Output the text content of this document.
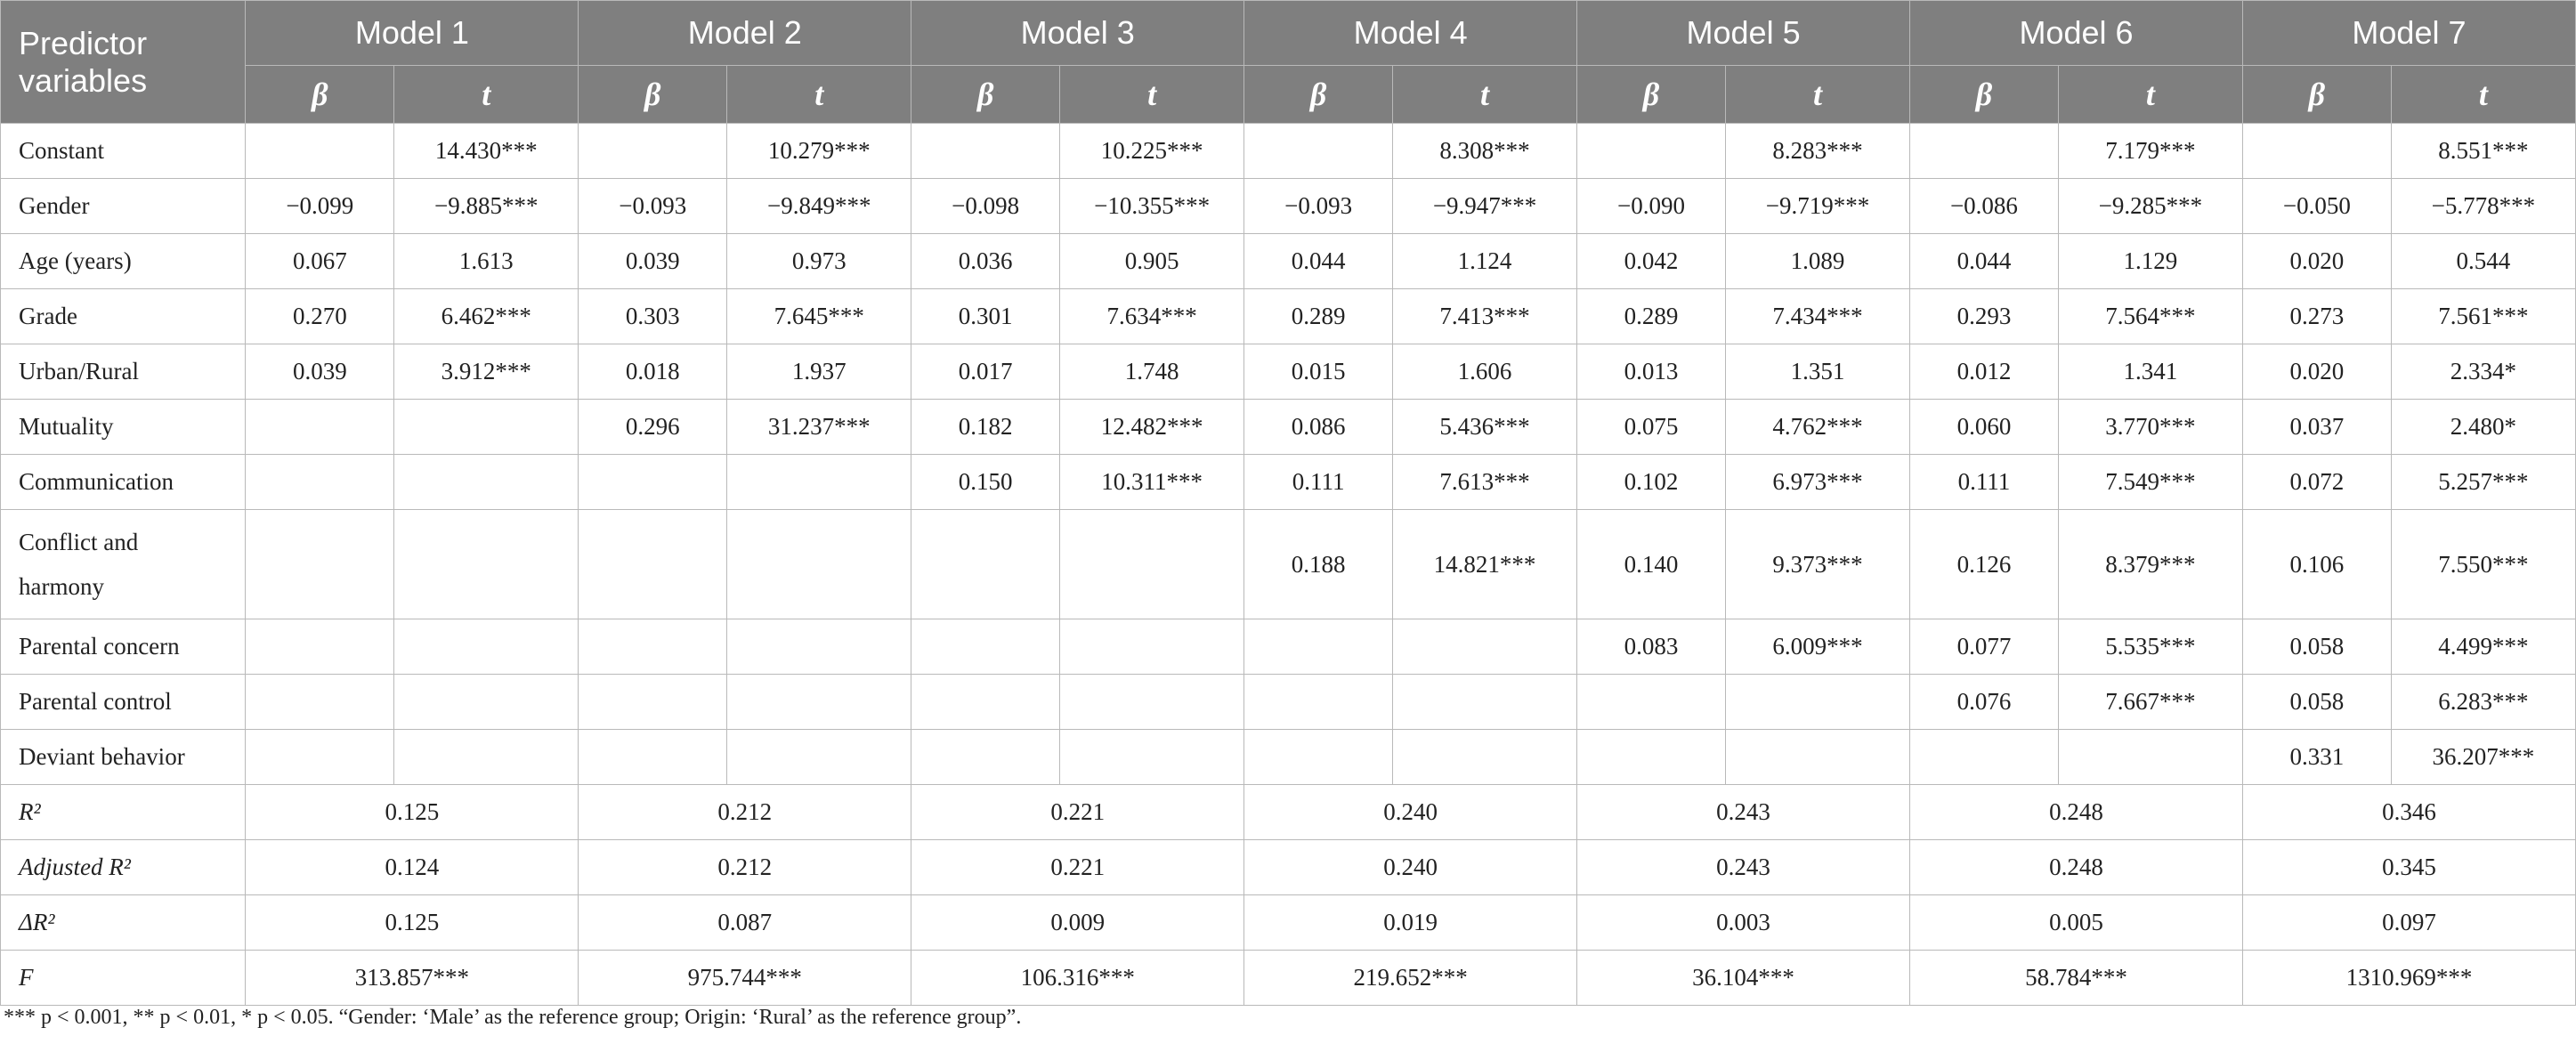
Predictor variables	Model 1		Model 2		Model 3		Model 4		Model 5		Model 6		Model 7	
	β	t	β	t	β	t	β	t	β	t	β	t	β	t
Constant		14.430***		10.279***		10.225***		8.308***		8.283***		7.179***		8.551***
Gender	−0.099	−9.885***	−0.093	−9.849***	−0.098	−10.355***	−0.093	−9.947***	−0.090	−9.719***	−0.086	−9.285***	−0.050	−5.778***
Age (years)	0.067	1.613	0.039	0.973	0.036	0.905	0.044	1.124	0.042	1.089	0.044	1.129	0.020	0.544
Grade	0.270	6.462***	0.303	7.645***	0.301	7.634***	0.289	7.413***	0.289	7.434***	0.293	7.564***	0.273	7.561***
Urban/Rural	0.039	3.912***	0.018	1.937	0.017	1.748	0.015	1.606	0.013	1.351	0.012	1.341	0.020	2.334*
Mutuality			0.296	31.237***	0.182	12.482***	0.086	5.436***	0.075	4.762***	0.060	3.770***	0.037	2.480*
Communication					0.150	10.311***	0.111	7.613***	0.102	6.973***	0.111	7.549***	0.072	5.257***
Conflict and harmony							0.188	14.821***	0.140	9.373***	0.126	8.379***	0.106	7.550***
Parental concern									0.083	6.009***	0.077	5.535***	0.058	4.499***
Parental control											0.076	7.667***	0.058	6.283***
Deviant behavior													0.331	36.207***
R²	0.125		0.212		0.221		0.240		0.243		0.248		0.346	
Adjusted R²	0.124		0.212		0.221		0.240		0.243		0.248		0.345	
ΔR²	0.125		0.087		0.009		0.019		0.003		0.005		0.097	
F	313.857***		975.744***		106.316***		219.652***		36.104***		58.784***		1310.969***	
*** p < 0.001, ** p < 0.01, * p < 0.05. “Gender: ‘Male’ as the reference group; Origin: ‘Rural’ as the reference group”.
